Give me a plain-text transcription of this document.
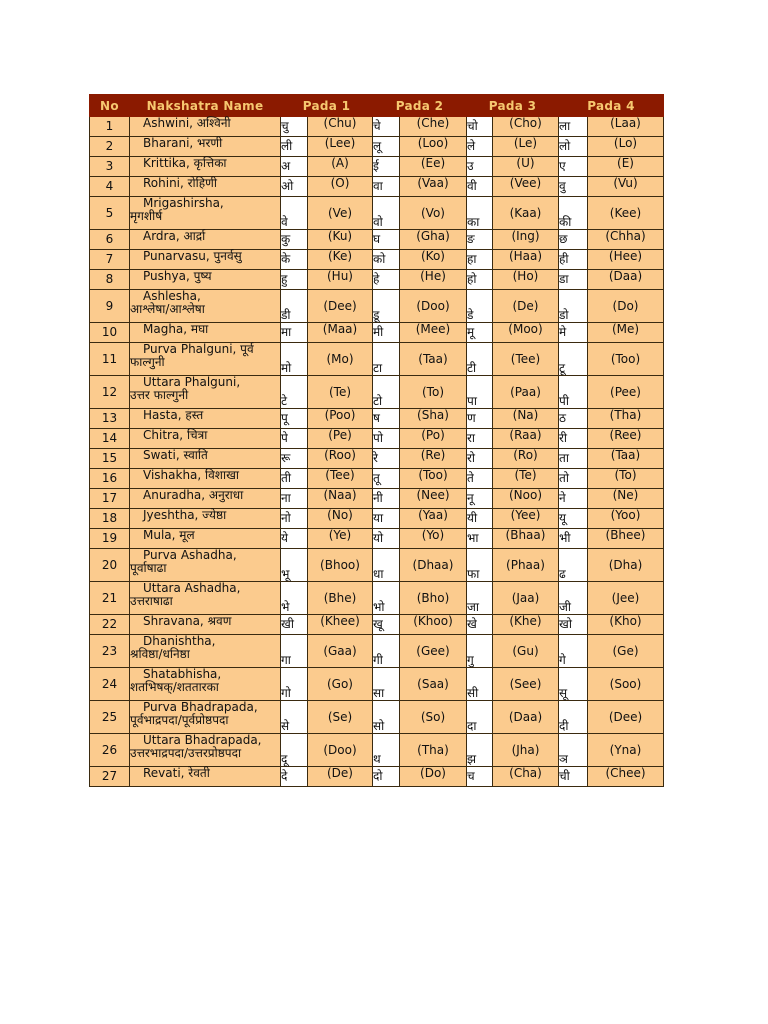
No	Nakshatra Name	Pada 1		Pada 2		Pada 3		Pada 4	
1	Ashwini, अश्विनी	चु	(Chu)	चे	(Che)	चो	(Cho)	ला	(Laa)
2	Bharani, भरणी	ली	(Lee)	लू	(Loo)	ले	(Le)	लो	(Lo)
3	Krittika, कृत्तिका	अ	(A)	ई	(Ee)	उ	(U)	ए	(E)
4	Rohini, रोहिणी	ओ	(O)	वा	(Vaa)	वी	(Vee)	वु	(Vu)
5	Mrigashirsha,
मृगशीर्ष	वे	(Ve)	वो	(Vo)	का	(Kaa)	की	(Kee)
6	Ardra, आर्द्रा	कु	(Ku)	घ	(Gha)	ङ	(Ing)	छ	(Chha)
7	Punarvasu, पुनर्वसु	के	(Ke)	को	(Ko)	हा	(Haa)	ही	(Hee)
8	Pushya, पुष्य	हु	(Hu)	हे	(He)	हो	(Ho)	डा	(Daa)
9	Ashlesha,
आश्लेषा/आश्लेषा	डी	(Dee)	डू	(Doo)	डे	(De)	डो	(Do)
10	Magha, मघा	मा	(Maa)	मी	(Mee)	मू	(Moo)	मे	(Me)
11	Purva Phalguni, पूर्व
फाल्गुनी	मो	(Mo)	टा	(Taa)	टी	(Tee)	टू	(Too)
12	Uttara Phalguni,
उत्तर फाल्गुनी	टे	(Te)	टो	(To)	पा	(Paa)	पी	(Pee)
13	Hasta, हस्त	पू	(Poo)	ष	(Sha)	ण	(Na)	ठ	(Tha)
14	Chitra, चित्रा	पे	(Pe)	पो	(Po)	रा	(Raa)	री	(Ree)
15	Swati, स्वाति	रू	(Roo)	रे	(Re)	रो	(Ro)	ता	(Taa)
16	Vishakha, विशाखा	ती	(Tee)	तू	(Too)	ते	(Te)	तो	(To)
17	Anuradha, अनुराधा	ना	(Naa)	नी	(Nee)	नू	(Noo)	ने	(Ne)
18	Jyeshtha, ज्येष्ठा	नो	(No)	या	(Yaa)	यी	(Yee)	यू	(Yoo)
19	Mula, मूल	ये	(Ye)	यो	(Yo)	भा	(Bhaa)	भी	(Bhee)
20	Purva Ashadha,
पूर्वाषाढा	भू	(Bhoo)	धा	(Dhaa)	फा	(Phaa)	ढ	(Dha)
21	Uttara Ashadha,
उत्तराषाढा	भे	(Bhe)	भो	(Bho)	जा	(Jaa)	जी	(Jee)
22	Shravana, श्रवण	खी	(Khee)	खू	(Khoo)	खे	(Khe)	खो	(Kho)
23	Dhanishtha,
श्रविष्ठा/धनिष्ठा	गा	(Gaa)	गी	(Gee)	गु	(Gu)	गे	(Ge)
24	Shatabhisha,
शतभिषक्/शततारका	गो	(Go)	सा	(Saa)	सी	(See)	सू	(Soo)
25	Purva Bhadrapada,
पूर्वभाद्रपदा/पूर्वप्रोष्ठपदा	से	(Se)	सो	(So)	दा	(Daa)	दी	(Dee)
26	Uttara Bhadrapada,
उत्तरभाद्रपदा/उत्तरप्रोष्ठपदा	दू	(Doo)	थ	(Tha)	झ	(Jha)	ञ	(Yna)
27	Revati, रेवती	दे	(De)	दो	(Do)	च	(Cha)	ची	(Chee)
